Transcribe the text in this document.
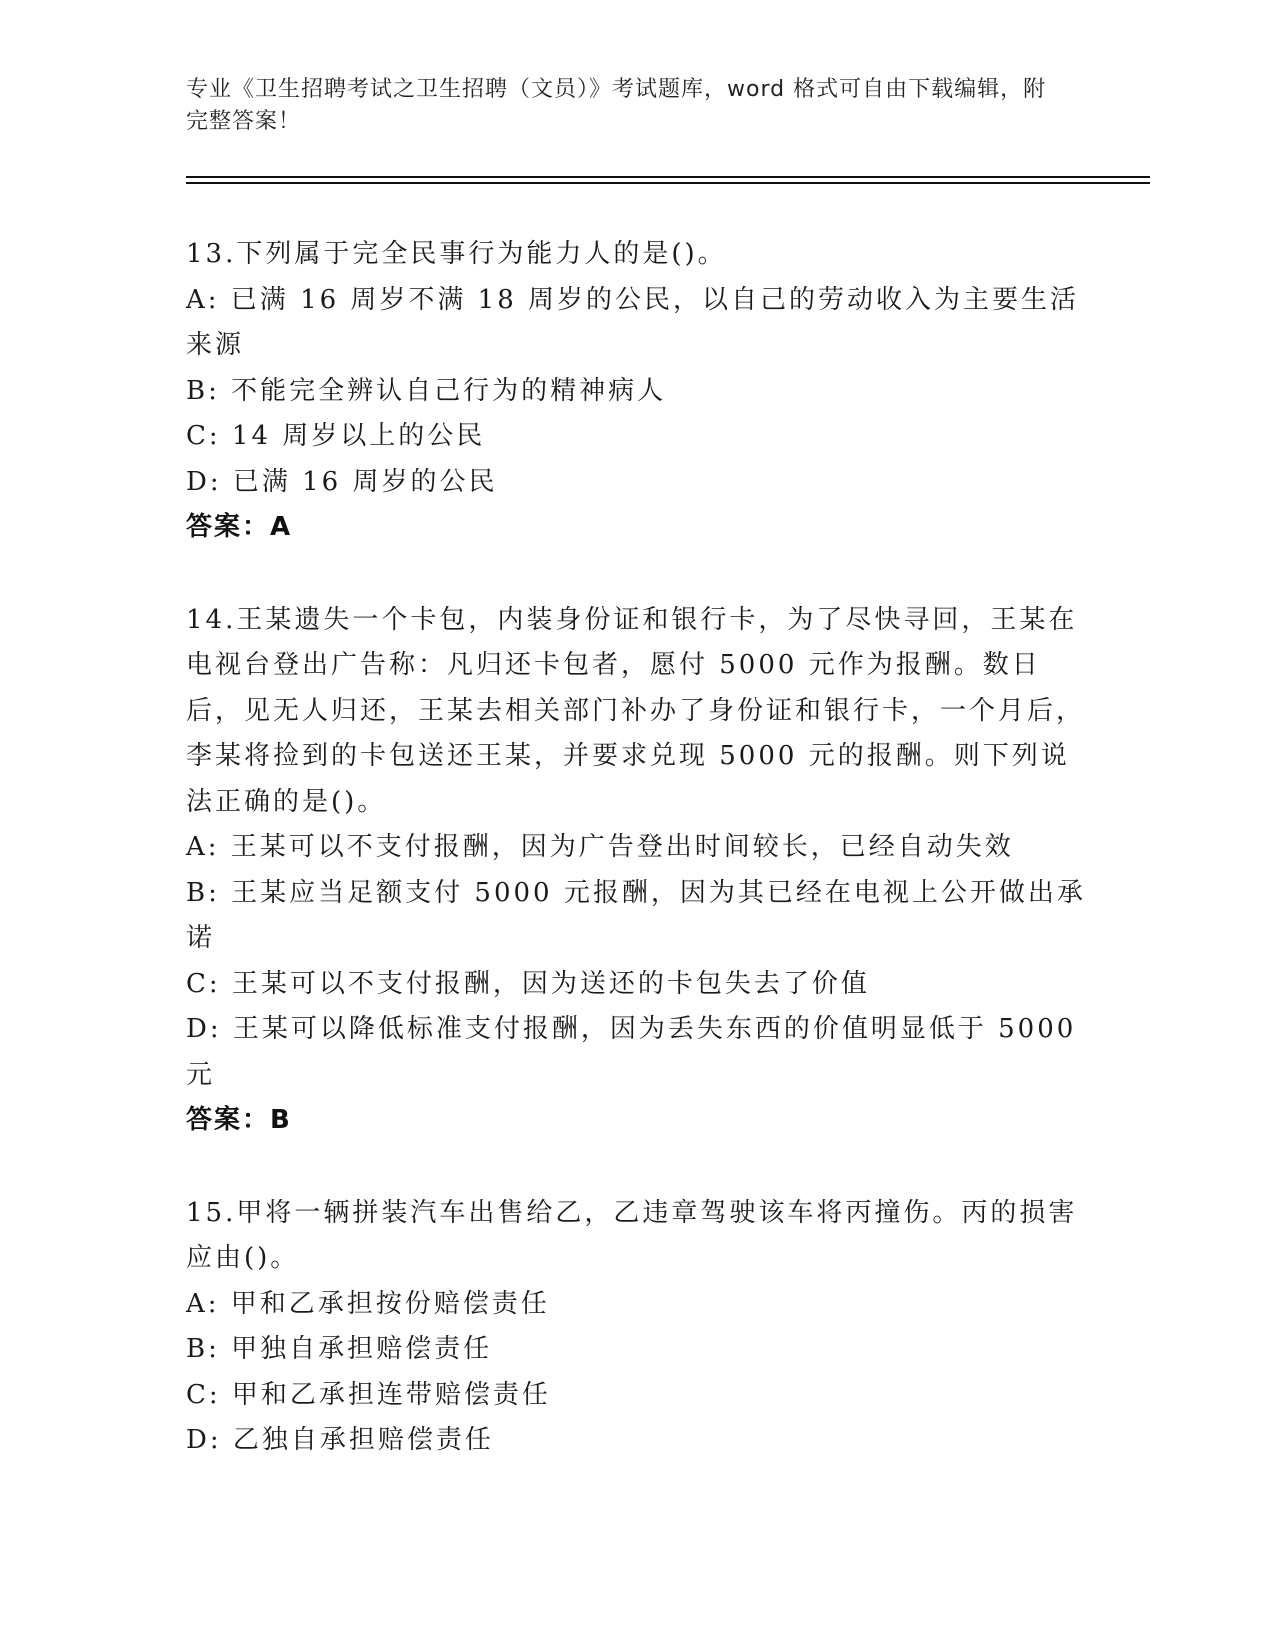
专业《卫生招聘考试之卫生招聘（文员）》考试题库，word 格式可自由下载编辑，附完整答案！

13.下列属于完全民事行为能力人的是()。

A: 已满 16 周岁不满 18 周岁的公民，以自己的劳动收入为主要生活来源

B: 不能完全辨认自己行为的精神病人

C: 14 周岁以上的公民

D: 已满 16 周岁的公民

答案：A

14.王某遗失一个卡包，内装身份证和银行卡，为了尽快寻回，王某在电视台登出广告称：凡归还卡包者，愿付 5000 元作为报酬。数日后，见无人归还，王某去相关部门补办了身份证和银行卡，一个月后，李某将捡到的卡包送还王某，并要求兑现 5000 元的报酬。则下列说法正确的是()。

A: 王某可以不支付报酬，因为广告登出时间较长，已经自动失效

B: 王某应当足额支付 5000 元报酬，因为其已经在电视上公开做出承诺

C: 王某可以不支付报酬，因为送还的卡包失去了价值

D: 王某可以降低标准支付报酬，因为丢失东西的价值明显低于 5000 元

答案：B

15.甲将一辆拼装汽车出售给乙，乙违章驾驶该车将丙撞伤。丙的损害应由()。

A: 甲和乙承担按份赔偿责任

B: 甲独自承担赔偿责任

C: 甲和乙承担连带赔偿责任

D: 乙独自承担赔偿责任
